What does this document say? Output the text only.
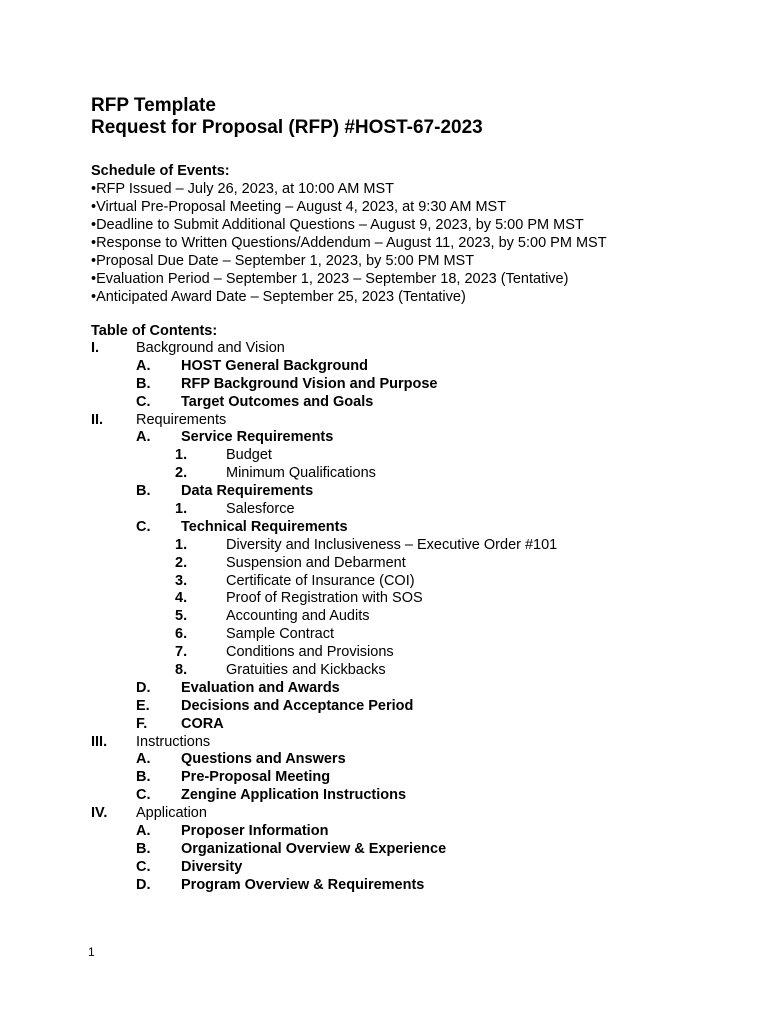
RFP Template

Request for Proposal (RFP) #HOST-67-2023

Schedule of Events:

•RFP Issued – July 26, 2023, at 10:00 AM MST
•Virtual Pre-Proposal Meeting – August 4, 2023, at 9:30 AM MST
•Deadline to Submit Additional Questions – August 9, 2023, by 5:00 PM MST
•Response to Written Questions/Addendum – August 11, 2023, by 5:00 PM MST
•Proposal Due Date – September 1, 2023, by 5:00 PM MST
•Evaluation Period – September 1, 2023 – September 18, 2023 (Tentative)
•Anticipated Award Date – September 25, 2023 (Tentative)

Table of Contents:

I.	Background and Vision
A. HOST General Background
B. RFP Background Vision and Purpose
C. Target Outcomes and Goals
II. Requirements
A. Service Requirements
1.	Budget
2.	Minimum Qualifications
B. Data Requirements
1.	Salesforce
C. Technical Requirements
1.	Diversity and Inclusiveness – Executive Order #101
2.	Suspension and Debarment
3.	Certificate of Insurance (COI)
4.	Proof of Registration with SOS
5.	Accounting and Audits
6.	Sample Contract
7.	Conditions and Provisions
8.	Gratuities and Kickbacks
D. Evaluation and Awards
E. Decisions and Acceptance Period
F. CORA
III. Instructions
A. Questions and Answers
B. Pre-Proposal Meeting
C. Zengine Application Instructions
IV. Application
A. Proposer Information
B. Organizational Overview & Experience
C. Diversity
D. Program Overview & Requirements
1
